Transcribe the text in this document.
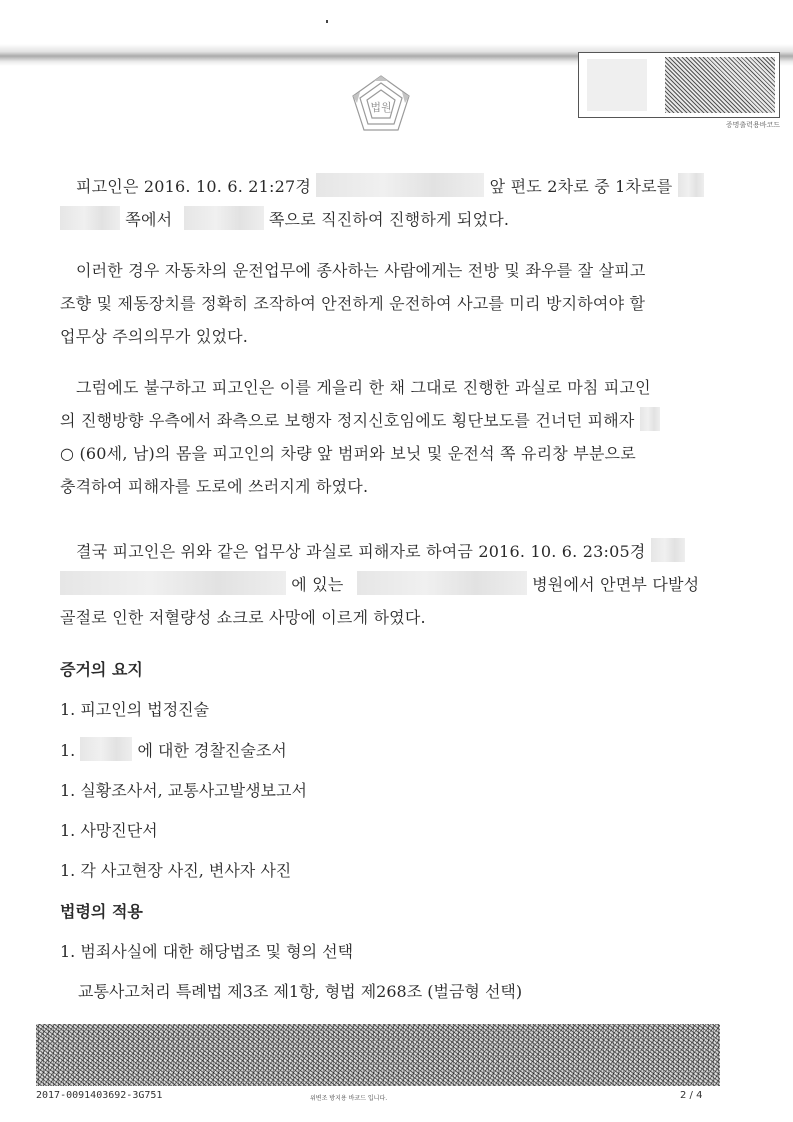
법원
증명출력용바코드
피고인은 2016. 10. 6. 21:27경	앞 편도 2차로 중 1차로를
쪽에서	쪽으로 직진하여 진행하게 되었다.
이러한 경우 자동차의 운전업무에 종사하는 사람에게는 전방 및 좌우를 잘 살피고
조향 및 제동장치를 정확히 조작하여 안전하게 운전하여 사고를 미리 방지하여야 할
업무상 주의의무가 있었다.
그럼에도 불구하고 피고인은 이를 게을리 한 채 그대로 진행한 과실로 마침 피고인
의 진행방향 우측에서 좌측으로 보행자 정지신호임에도 횡단보도를 건너던 피해자
○ (60세, 남)의 몸을 피고인의 차량 앞 범퍼와 보닛 및 운전석 쪽 유리창 부분으로
충격하여 피해자를 도로에 쓰러지게 하였다.
결국 피고인은 위와 같은 업무상 과실로 피해자로 하여금 2016. 10. 6. 23:05경
에 있는	병원에서 안면부 다발성
골절로 인한 저혈량성 쇼크로 사망에 이르게 하였다.
증거의 요지
1. 피고인의 법정진술
1.	에 대한 경찰진술조서
1. 실황조사서, 교통사고발생보고서
1. 사망진단서
1. 각 사고현장 사진, 변사자 사진
법령의 적용
1. 범죄사실에 대한 해당법조 및 형의 선택
교통사고처리 특례법 제3조 제1항, 형법 제268조 (벌금형 선택)
2017-0091403692-3G751	위변조 방지용 바코드 입니다.	2 / 4
